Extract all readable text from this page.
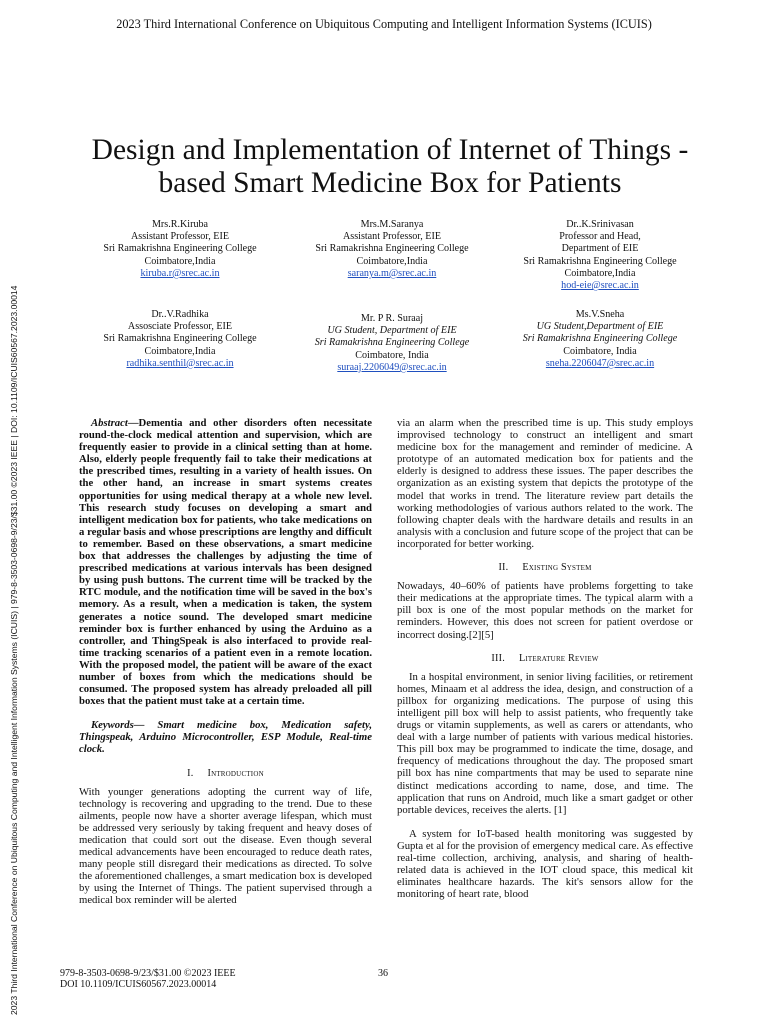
2023 Third International Conference on Ubiquitous Computing and Intelligent Information Systems (ICUIS)
2023 Third International Conference on Ubiquitous Computing and Intelligent Information Systems (ICUIS) | 979-8-3503-0698-9/23/$31.00 ©2023 IEEE | DOI: 10.1109/ICUIS60567.2023.00014
Design and Implementation of Internet of Things -
based Smart Medicine Box for Patients
Mrs.R.Kiruba
Assistant Professor, EIE
Sri Ramakrishna Engineering College
Coimbatore,India
kiruba.r@srec.ac.in
Mrs.M.Saranya
Assistant Professor, EIE
Sri Ramakrishna Engineering College
Coimbatore,India
saranya.m@srec.ac.in
Dr..K.Srinivasan
Professor and Head,
Department of EIE
Sri Ramakrishna Engineering College
Coimbatore,India
hod-eie@srec.ac.in
Dr..V.Radhika
Assosciate Professor, EIE
Sri Ramakrishna Engineering College
Coimbatore,India
radhika.senthil@srec.ac.in
Mr. P R. Suraaj
UG Student, Department of EIE
Sri Ramakrishna Engineering College
Coimbatore, India
suraaj.2206049@srec.ac.in
Ms.V.Sneha
UG Student,Department of EIE
Sri Ramakrishna Engineering College
Coimbatore, India
sneha.2206047@srec.ac.in

Abstract—Dementia and other disorders often necessitate round-the-clock medical attention and supervision, which are frequently easier to provide in a clinical setting than at home. Also, elderly people frequently fail to take their medications at the prescribed times, resulting in a variety of health issues. On the other hand, an increase in smart systems creates opportunities for using medical therapy at a whole new level. This research study focuses on developing a smart and intelligent medication box for patients, who take medications on a regular basis and whose prescriptions are lengthy and difficult to remember. Based on these observations, a smart medicine box that addresses the challenges by adjusting the time of prescribed medications at various intervals has been designed by using push buttons. The current time will be tracked by the RTC module, and the notification time will be saved in the box's memory. As a result, when a medication is taken, the system generates a notice sound. The developed smart medicine reminder box is further enhanced by using the Arduino as a controller, and ThingSpeak is also interfaced to provide real-time tracking scenarios of a patient even in a remote location. With the proposed model, the patient will be aware of the exact number of boxes from which the medications should be consumed. The proposed system has already preloaded all pill boxes that the patient must take at a certain time.

Keywords— Smart medicine box, Medication safety, Thingspeak, Arduino Microcontroller, ESP Module, Real-time clock.

I. Introduction

With younger generations adopting the current way of life, technology is recovering and upgrading to the trend. Due to these ailments, people now have a shorter average lifespan, which must be addressed very seriously by taking frequent and heavy doses of medication that could sort out the disease. Even though several medical advancements have been encouraged to reduce death rates, many people still disregard their medications as directed. To solve the aforementioned challenges, a smart medication box is developed by using the Internet of Things. The patient supervised through a medical box reminder will be alerted

via an alarm when the prescribed time is up. This study employs improvised technology to construct an intelligent and smart medicine box for the management and reminder of medicine. A prototype of an automated medication box for patients and the elderly is designed to address these issues. The paper describes the organization as an existing system that depicts the prototype of the model that works in trend. The literature review part details the working methodologies of various authors related to the work. The following chapter deals with the hardware details and results in an analysis with a conclusion and future scope of the project that can be incorporated for better working.

II. Existing System

Nowadays, 40–60% of patients have problems forgetting to take their medications at the appropriate times. The typical alarm with a pill box is one of the most popular methods on the market for reminders. However, this does not screen for patient overdose or incorrect dosing.[2][5]

III. Literature Review

In a hospital environment, in senior living facilities, or retirement homes, Minaam et al address the idea, design, and construction of a pillbox for organizing medications. The purpose of using this intelligent pill box will help to assist patients, who frequently take drugs or vitamin supplements, as well as carers or attendants, who deal with a large number of patients with various medical histories. This pill box may be programmed to indicate the time, dosage, and frequency of medications throughout the day. The proposed smart pill box has nine compartments that may be used to separate nine distinct medications according to name, dose, and time. The application that runs on Android, much like a smart gadget or other portable devices, receives the alerts. [1]

A system for IoT-based health monitoring was suggested by Gupta et al for the provision of emergency medical care. As effective real-time collection, archiving, analysis, and sharing of health-related data is achieved in the IOT cloud space, this medical kit eliminates healthcare hazards. The kit's sensors allow for the monitoring of heart rate, blood

979-8-3503-0698-9/23/$31.00 ©2023 IEEE
DOI 10.1109/ICUIS60567.2023.00014
36
